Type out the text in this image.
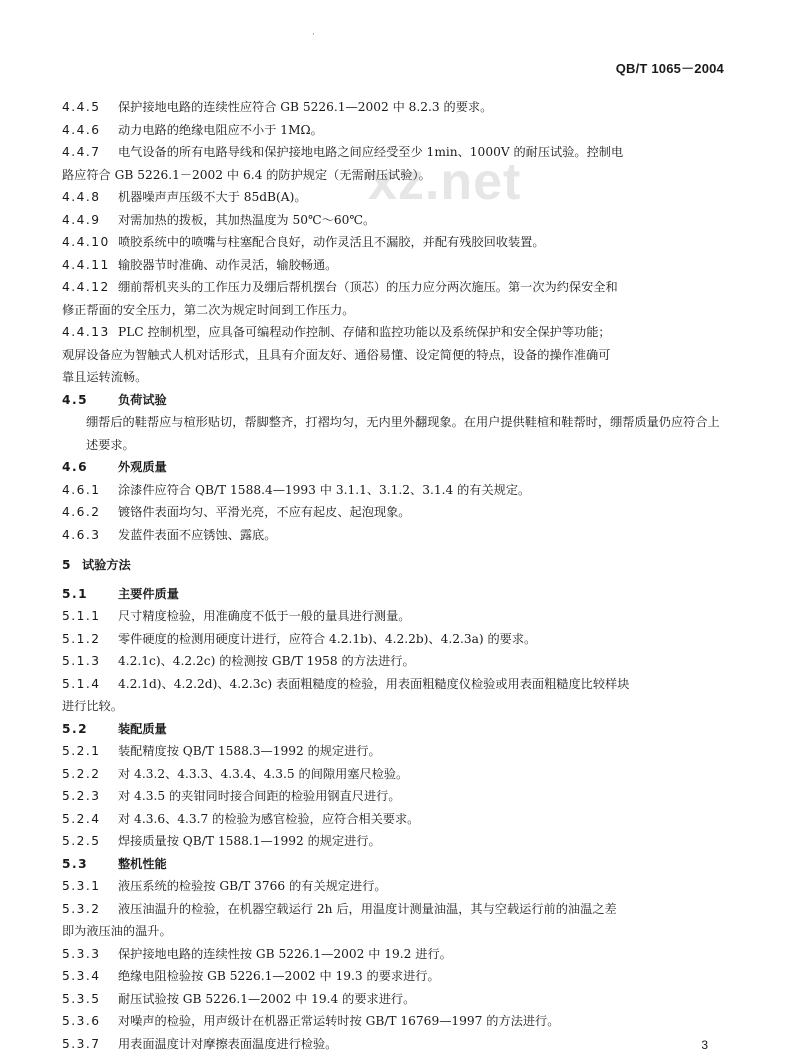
·
xz.net
QB/T 1065－2004
4.4.5	保护接地电路的连续性应符合 GB 5226.1—2002 中 8.2.3 的要求。
4.4.6	动力电路的绝缘电阻应不小于 1MΩ。
4.4.7	电气设备的所有电路导线和保护接地电路之间应经受至少 1min、1000V 的耐压试验。控制电
路应符合 GB 5226.1－2002 中 6.4 的防护规定（无需耐压试验）。
4.4.8	机器噪声声压级不大于 85dB(A)。
4.4.9	对需加热的拨板，其加热温度为 50℃～60℃。
4.4.10 喷胶系统中的喷嘴与柱塞配合良好，动作灵活且不漏胶，并配有残胶回收装置。
4.4.11 输胶器节时准确、动作灵活，输胶畅通。
4.4.12 绷前帮机夹头的工作压力及绷后帮机摆台（顶芯）的压力应分两次施压。第一次为约保安全和
修正帮面的安全压力，第二次为规定时间到工作压力。
4.4.13 PLC 控制机型，应具备可编程动作控制、存储和监控功能以及系统保护和安全保护等功能；
观屏设备应为智触式人机对话形式，且具有介面友好、通俗易懂、设定简便的特点，设备的操作准确可
靠且运转流畅。
4.5	负荷试验
绷帮后的鞋帮应与楦形贴切，帮脚整齐，打褶均匀，无内里外翻现象。在用户提供鞋楦和鞋帮时，绷帮质量仍应符合上述要求。
4.6	外观质量
4.6.1	涂漆件应符合 QB/T 1588.4—1993 中 3.1.1、3.1.2、3.1.4 的有关规定。
4.6.2	镀铬件表面均匀、平滑光亮，不应有起皮、起泡现象。
4.6.3	发蓝件表面不应锈蚀、露底。
5 试验方法
5.1	主要件质量
5.1.1	尺寸精度检验，用准确度不低于一般的量具进行测量。
5.1.2	零件硬度的检测用硬度计进行，应符合 4.2.1b)、4.2.2b)、4.2.3a) 的要求。
5.1.3	4.2.1c)、4.2.2c) 的检测按 GB/T 1958 的方法进行。
5.1.4	4.2.1d)、4.2.2d)、4.2.3c) 表面粗糙度的检验，用表面粗糙度仪检验或用表面粗糙度比较样块
进行比较。
5.2	装配质量
5.2.1	装配精度按 QB/T 1588.3—1992 的规定进行。
5.2.2	对 4.3.2、4.3.3、4.3.4、4.3.5 的间隙用塞尺检验。
5.2.3	对 4.3.5 的夹钳同时接合间距的检验用钢直尺进行。
5.2.4	对 4.3.6、4.3.7 的检验为感官检验，应符合相关要求。
5.2.5	焊接质量按 QB/T 1588.1—1992 的规定进行。
5.3	整机性能
5.3.1	液压系统的检验按 GB/T 3766 的有关规定进行。
5.3.2	液压油温升的检验，在机器空载运行 2h 后，用温度计测量油温，其与空载运行前的油温之差
即为液压油的温升。
5.3.3	保护接地电路的连续性按 GB 5226.1—2002 中 19.2 进行。
5.3.4	绝缘电阻检验按 GB 5226.1—2002 中 19.3 的要求进行。
5.3.5	耐压试验按 GB 5226.1—2002 中 19.4 的要求进行。
5.3.6	对噪声的检验，用声级计在机器正常运转时按 GB/T 16769—1997 的方法进行。
5.3.7	用表面温度计对摩擦表面温度进行检验。	3
